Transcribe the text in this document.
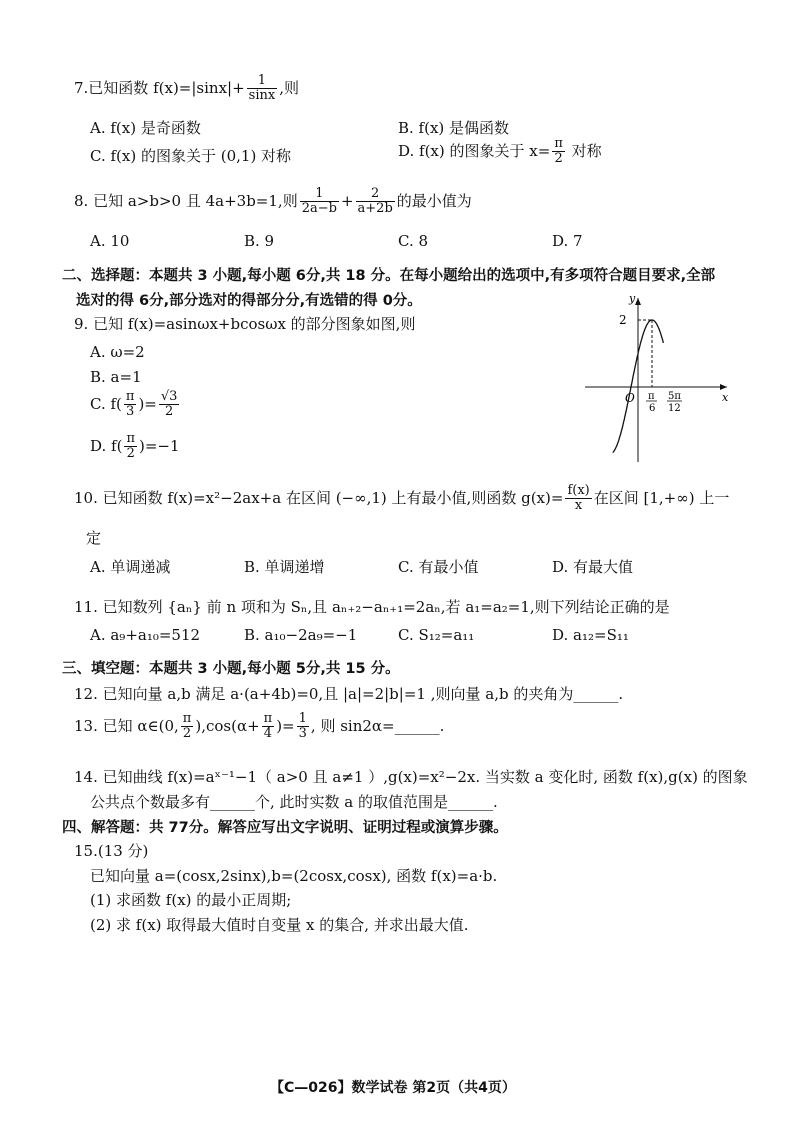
7.已知函数 $f(x)=|\sin x|+ \frac{1}{\sin x}$ ,则
A. f(x) 是奇函数	B. f(x) 是偶函数
C. f(x) 的图象关于 (0,1) 对称	D. f(x) 的图象关于 $x= \frac{\pi}{2}$ 对称
8. 已知 a>b>0 且 4a+3b=1,则 $\frac{1}{2a-b} + \frac{2}{a+2b}$ 的最小值为
A. 10	B. 9	C. 8	D. 7
二、选择题：本题共 3 小题,每小题 6分,共 18 分。在每小题给出的选项中,有多项符合题目要求,全部
选对的得 6分,部分选对的得部分分,有选错的得 0分。
9. 已知 f(x)=asinωx+bcosωx 的部分图象如图,则
A. ω=2
B. a=1
C. $f( \frac{\pi}{3}$ )= $\frac{√3}{2}$
D. $f( \frac{\pi}{2} )=-1$
y
x
O
2
π
6
5π
12
10. 已知函数 f(x)=x²−2ax+a 在区间 (−∞,1) 上有最小值,则函数 $g(x)= \frac{f(x)}{x}$ 在区间 [1,+∞) 上一
定
A. 单调递减	B. 单调递增	C. 有最小值	D. 有最大值
11. 已知数列 {aₙ} 前 n 项和为 Sₙ,且 aₙ₊₂−aₙ₊₁=2aₙ,若 a₁=a₂=1,则下列结论正确的是
A. a₉+a₁₀=512	B. a₁₀−2a₉=−1	C. S₁₂=a₁₁	D. a₁₂=S₁₁
三、填空题：本题共 3 小题,每小题 5分,共 15 分。
12. 已知向量 a,b 满足 a·(a+4b)=0,且 |a|=2|b|=1 ,则向量 a,b 的夹角为______.
13. 已知 α∈(0, $\frac{\pi}{2} ),\cos(\alpha+ \frac{\pi}{4}$ )= $\frac{1}{3}$ , 则 sin2α=______.
14. 已知曲线 f(x)=aˣ⁻¹−1（ a>0 且 a≠1 ）,g(x)=x²−2x. 当实数 a 变化时, 函数 f(x),g(x) 的图象
公共点个数最多有______个, 此时实数 a 的取值范围是______.
四、解答题：共 77分。解答应写出文字说明、证明过程或演算步骤。
15.(13 分)
已知向量 a=(cosx,2sinx),b=(2cosx,cosx), 函数 f(x)=a·b.
(1) 求函数 f(x) 的最小正周期;
(2) 求 f(x) 取得最大值时自变量 x 的集合, 并求出最大值.
【C—026】数学试卷 第2页（共4页）
